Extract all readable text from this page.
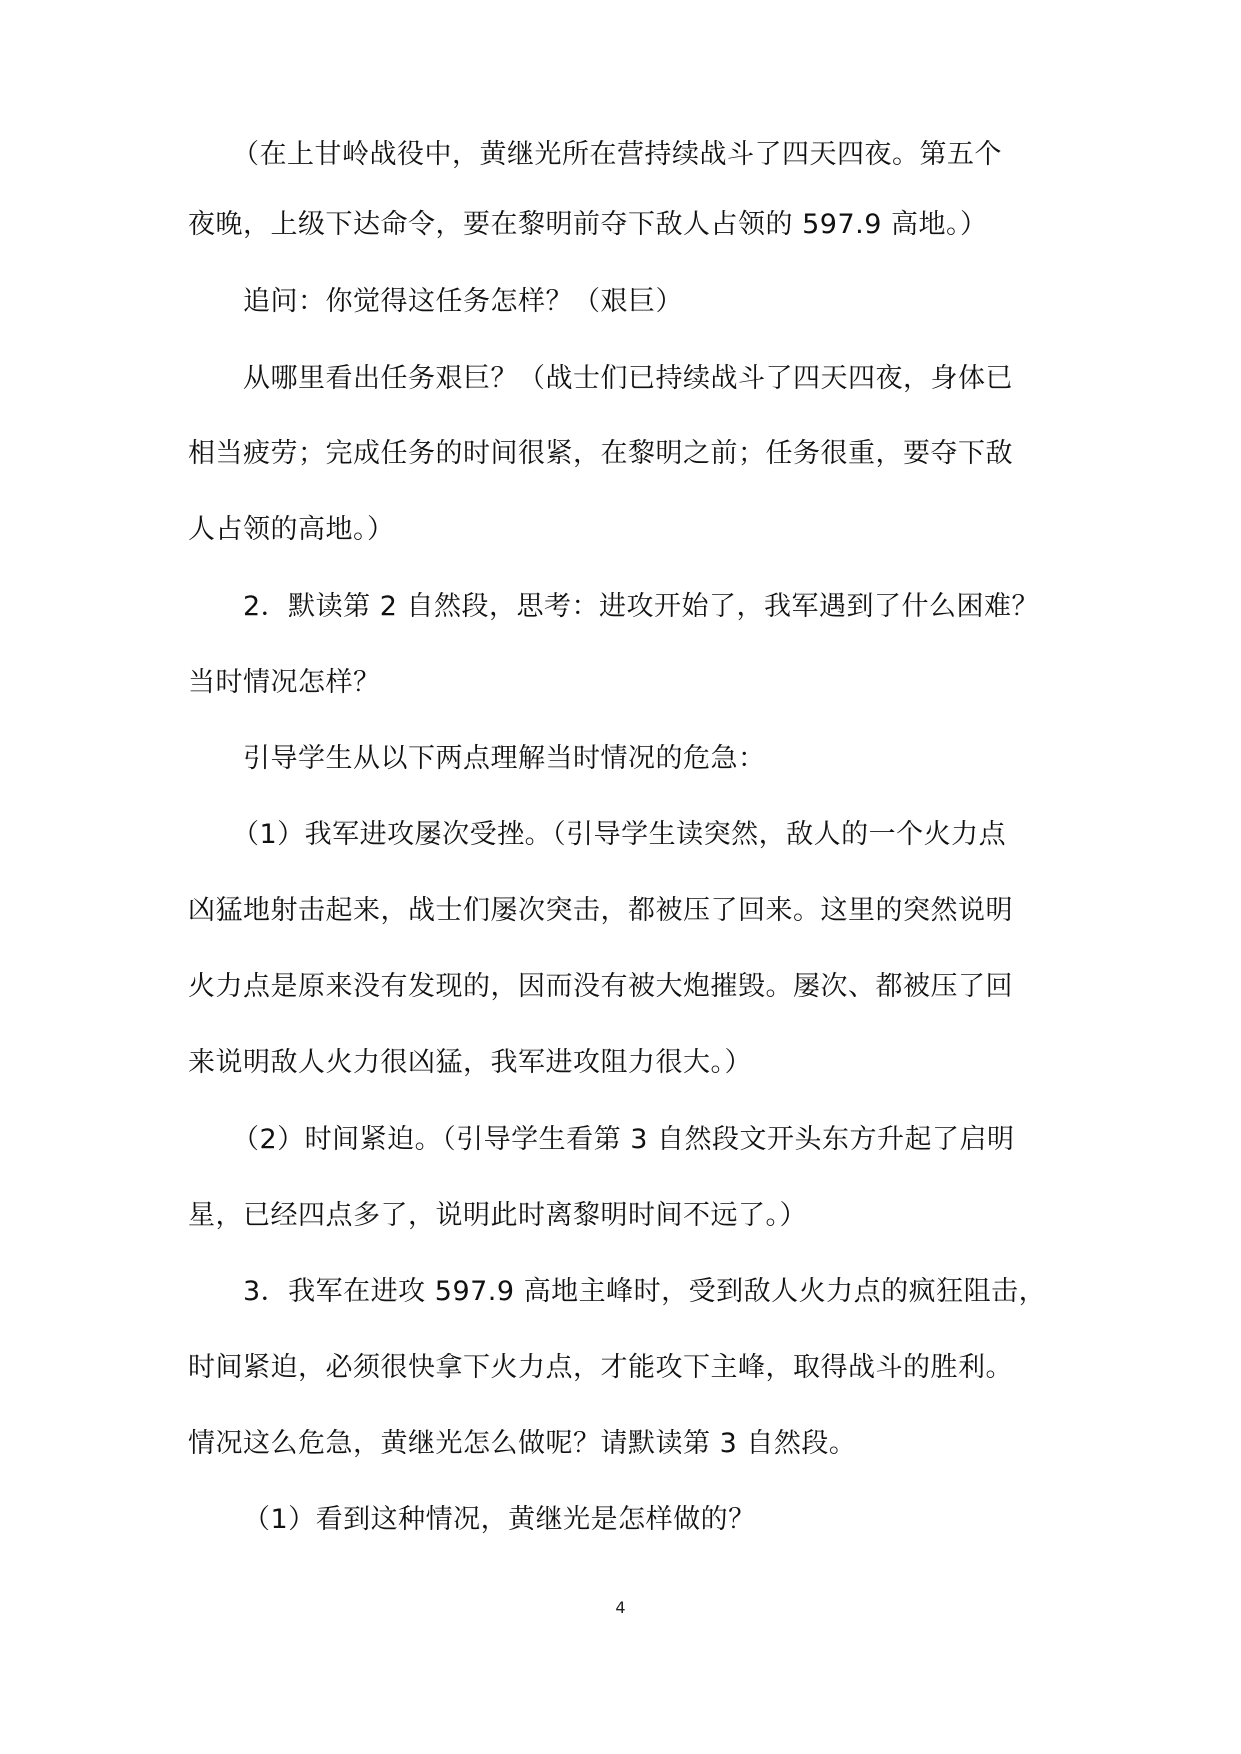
（在上甘岭战役中，黄继光所在营持续战斗了四天四夜。第五个
夜晚，上级下达命令，要在黎明前夺下敌人占领的 597.9 高地。）
追问：你觉得这任务怎样？（艰巨）
从哪里看出任务艰巨？（战士们已持续战斗了四天四夜，身体已
相当疲劳；完成任务的时间很紧，在黎明之前；任务很重，要夺下敌
人占领的高地。）
2．默读第 2 自然段，思考：进攻开始了，我军遇到了什么困难？
当时情况怎样？
引导学生从以下两点理解当时情况的危急：
（1）我军进攻屡次受挫。（引导学生读突然，敌人的一个火力点
凶猛地射击起来，战士们屡次突击，都被压了回来。这里的突然说明
火力点是原来没有发现的，因而没有被大炮摧毁。屡次、都被压了回
来说明敌人火力很凶猛，我军进攻阻力很大。）
（2）时间紧迫。（引导学生看第 3 自然段文开头东方升起了启明
星，已经四点多了，说明此时离黎明时间不远了。）
3．我军在进攻 597.9 高地主峰时，受到敌人火力点的疯狂阻击，
时间紧迫，必须很快拿下火力点，才能攻下主峰，取得战斗的胜利。
情况这么危急，黄继光怎么做呢？请默读第 3 自然段。
（1）看到这种情况，黄继光是怎样做的？
4
